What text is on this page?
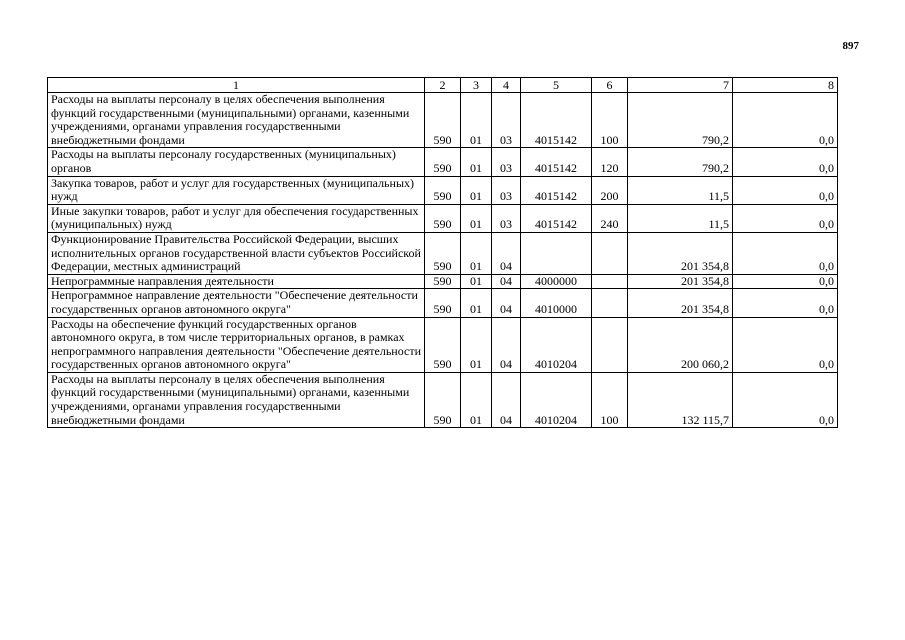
897
1	2	3	4	5	6	7	8
Расходы на выплаты персоналу в целях обеспечения выполнения функций государственными (муниципальными) органами, казенными учреждениями, органами управления государственными внебюджетными фондами	590	01	03	4015142	100	790,2	0,0
Расходы на выплаты персоналу государственных (муниципальных) органов	590	01	03	4015142	120	790,2	0,0
Закупка товаров, работ и услуг для государственных (муниципальных) нужд	590	01	03	4015142	200	11,5	0,0
Иные закупки товаров, работ и услуг для обеспечения государственных (муниципальных) нужд	590	01	03	4015142	240	11,5	0,0
Функционирование Правительства Российской Федерации, высших исполнительных органов государственной власти субъектов Российской Федерации, местных администраций	590	01	04			201 354,8	0,0
Непрограммные направления деятельности	590	01	04	4000000		201 354,8	0,0
Непрограммное направление деятельности "Обеспечение деятельности государственных органов автономного округа"	590	01	04	4010000		201 354,8	0,0
Расходы на обеспечение функций государственных органов автономного округа, в том числе территориальных органов, в рамках непрограммного направления деятельности "Обеспечение деятельности государственных органов автономного округа"	590	01	04	4010204		200 060,2	0,0
Расходы на выплаты персоналу в целях обеспечения выполнения функций государственными (муниципальными) органами, казенными учреждениями, органами управления государственными внебюджетными фондами	590	01	04	4010204	100	132 115,7	0,0
